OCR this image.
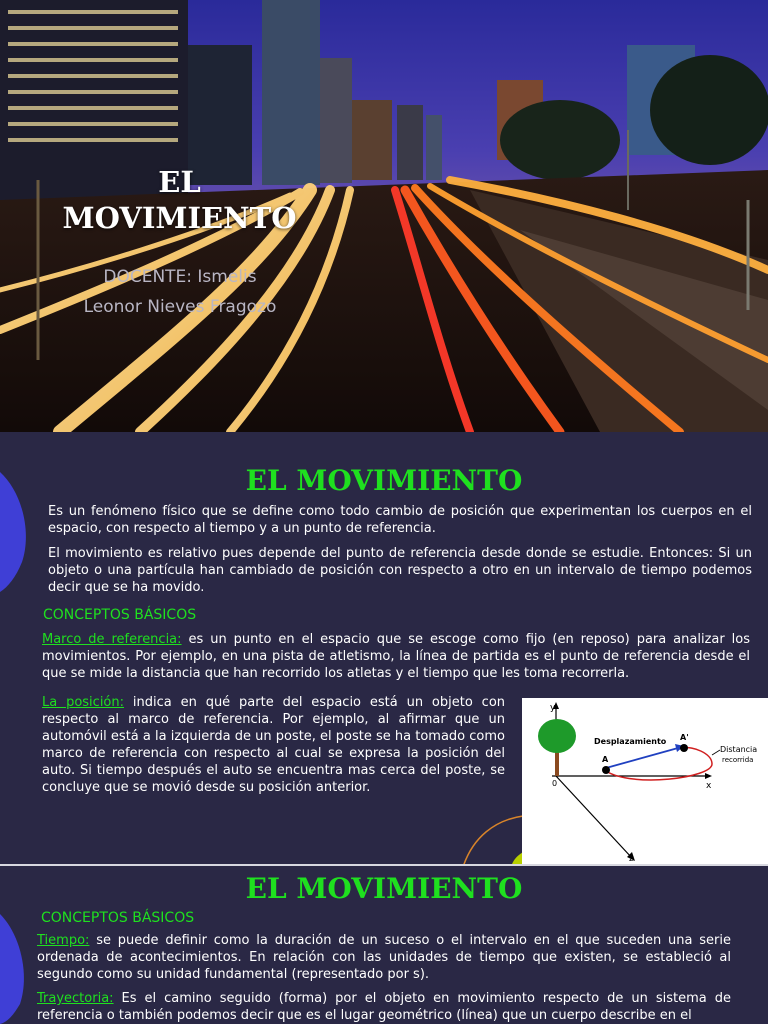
EL MOVIMIENTO
DOCENTE: Ismelis
Leonor Nieves Fragozo
EL MOVIMIENTO

Es un fenómeno físico que se define como todo cambio de posición que experimentan los cuerpos en el espacio, con respecto al tiempo y a un punto de referencia.

El movimiento es relativo pues depende del punto de referencia desde donde se estudie. Entonces: Si un objeto o una partícula han cambiado de posición con respecto a otro en un intervalo de tiempo podemos decir que se ha movido.

CONCEPTOS BÁSICOS

Marco de referencia: es un punto en el espacio que se escoge como fijo (en reposo) para analizar los movimientos. Por ejemplo, en una pista de atletismo, la línea de partida es el punto de referencia desde el que se mide la distancia que han recorrido los atletas y el tiempo que les toma recorrerla.

La posición: indica en qué parte del espacio está un objeto con respecto al marco de referencia. Por ejemplo, al afirmar que un automóvil está a la izquierda de un poste, el poste se ha tomado como marco de referencia con respecto al cual se expresa la posición del auto. Si tiempo después el auto se encuentra mas cerca del poste, se concluye que se movió desde su posición anterior.

y
x
z
0
A
A'
Desplazamiento
Distancia
recorrida
EL MOVIMIENTO

CONCEPTOS BÁSICOS

Tiempo: se puede definir como la duración de un suceso o el intervalo en el que suceden una serie ordenada de acontecimientos. En relación con las unidades de tiempo que existen, se estableció al segundo como su unidad fundamental (representado por s).

Trayectoria: Es el camino seguido (forma) por el objeto en movimiento respecto de un sistema de referencia o también podemos decir que es el lugar geométrico (línea) que un cuerpo describe en el
